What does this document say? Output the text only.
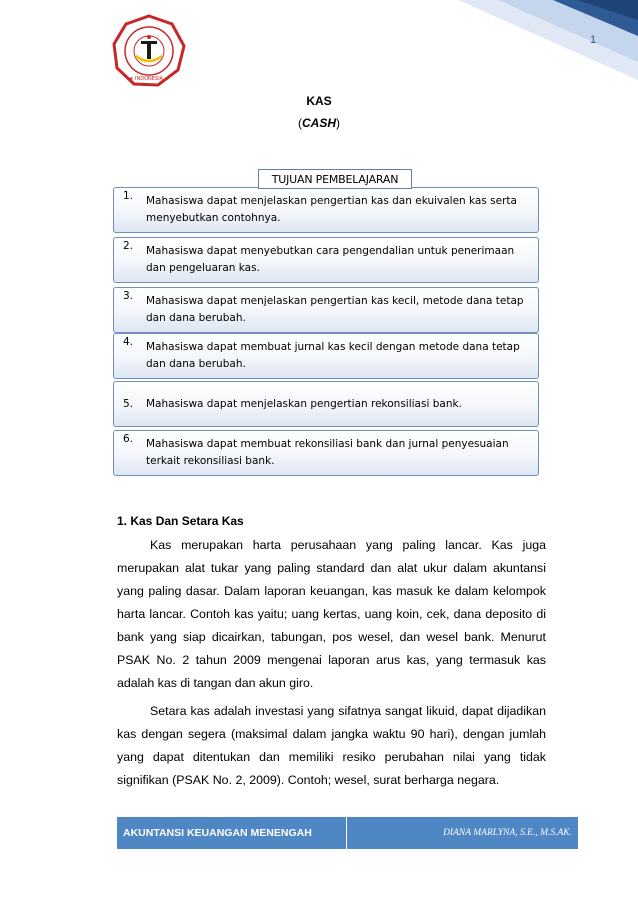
1
★ INDONESIA ★
KAS
(CASH)
1.	Mahasiswa dapat menjelaskan pengertian kas dan ekuivalen kas serta menyebutkan contohnya.
TUJUAN PEMBELAJARAN
2.	Mahasiswa dapat menyebutkan cara pengendalian untuk penerimaan dan pengeluaran kas.
3.	Mahasiswa dapat menjelaskan pengertian kas kecil, metode dana tetap dan dana berubah.
4.	Mahasiswa dapat membuat jurnal kas kecil dengan metode dana tetap dan dana berubah.
5.	Mahasiswa dapat menjelaskan pengertian rekonsiliasi bank.
6.	Mahasiswa dapat membuat rekonsiliasi bank dan jurnal penyesuaian terkait rekonsiliasi bank.
1. Kas Dan Setara Kas
Kas merupakan harta perusahaan yang paling lancar. Kas juga merupakan alat tukar yang paling standard dan alat ukur dalam akuntansi yang paling dasar. Dalam laporan keuangan, kas masuk ke dalam kelompok harta lancar. Contoh kas yaitu; uang kertas, uang koin, cek, dana deposito di bank yang siap dicairkan, tabungan, pos wesel, dan wesel bank. Menurut PSAK No. 2 tahun 2009 mengenai laporan arus kas, yang termasuk kas adalah kas di tangan dan akun giro.
Setara kas adalah investasi yang sifatnya sangat likuid, dapat dijadikan kas dengan segera (maksimal dalam jangka waktu 90 hari), dengan jumlah yang dapat ditentukan dan memiliki resiko perubahan nilai yang tidak signifikan (PSAK No. 2, 2009). Contoh; wesel, surat berharga negara.
AKUNTANSI KEUANGAN MENENGAH	DIANA MARLYNA, S.E., M.S.AK.
